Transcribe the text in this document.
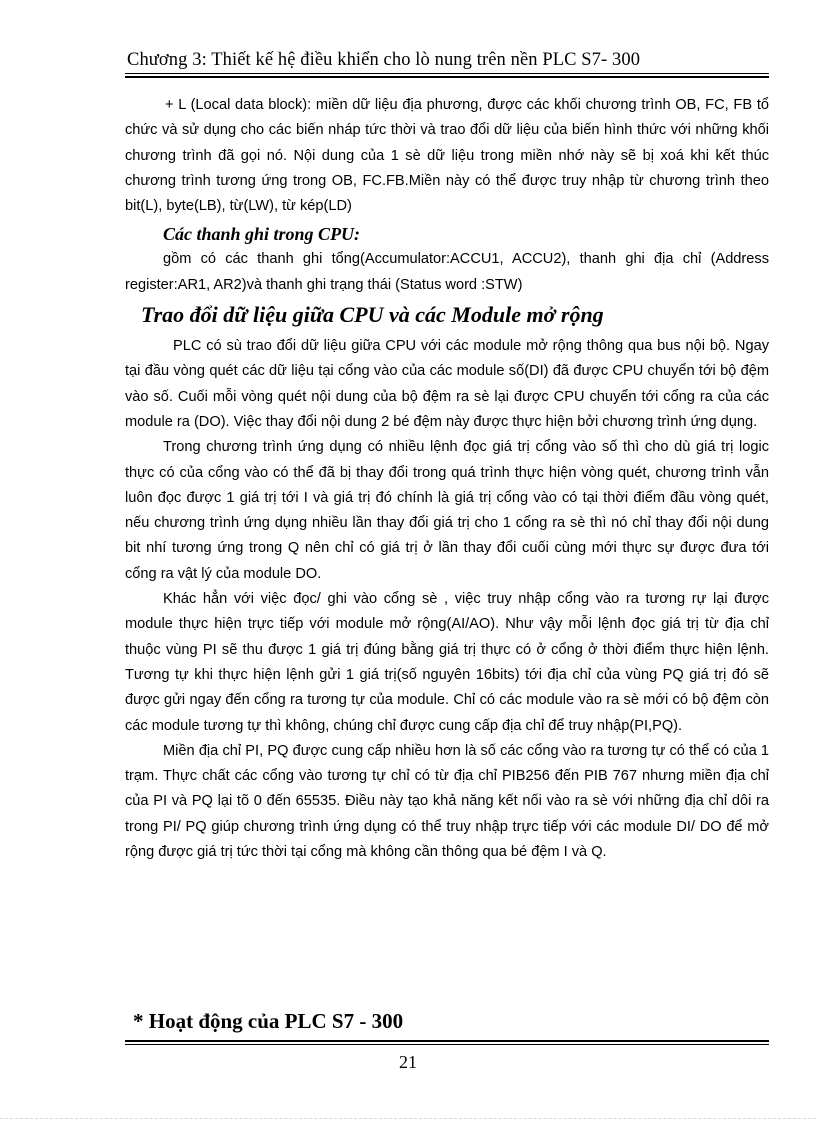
Chương 3: Thiết kế hệ điều khiển cho lò nung trên nền PLC S7- 300

+ L (Local data block): miền dữ liệu địa phương, được các khối chương trình OB, FC, FB tổ chức và sử dụng cho các biến nháp tức thời và trao đổi dữ liệu của biến hình thức với những khối chương trình đã gọi nó. Nội dung của 1 sè dữ liệu trong miền nhớ này sẽ bị xoá khi kết thúc chương trình tương ứng trong OB, FC.FB.Miền này có thể được truy nhập từ chương trình theo bit(L), byte(LB), từ(LW), từ kép(LD)

Các thanh ghi trong CPU:

gồm có các thanh ghi tổng(Accumulator:ACCU1, ACCU2), thanh ghi địa chỉ (Address register:AR1, AR2)và thanh ghi trạng thái (Status word :STW)

Trao đổi dữ liệu giữa CPU và các Module mở rộng

PLC có sù trao đổi dữ liệu giữa CPU với các module mở rộng thông qua bus nội bộ. Ngay tại đầu vòng quét các dữ liệu tại cổng vào của các module số(DI) đã được CPU chuyển tới bộ đệm vào số. Cuối mỗi vòng quét nội dung của bộ đệm ra sè lại được CPU chuyển tới cổng ra của các module ra (DO). Việc thay đổi nội dung 2 bé đệm này được thực hiện bởi chương trình ứng dụng.

Trong chương trình ứng dụng có nhiều lệnh đọc giá trị cổng vào số thì cho dù giá trị logic thực có của cổng vào có thể đã bị thay đổi trong quá trình thực hiện vòng quét, chương trình vẫn luôn đọc được 1 giá trị tới I và giá trị đó chính là giá trị cổng vào có tại thời điểm đầu vòng quét, nếu chương trình ứng dụng nhiều lần thay đổi giá trị cho 1 cổng ra sè thì nó chỉ thay đổi nội dung bit nhí tương ứng trong Q nên chỉ có giá trị ở lần thay đổi cuối cùng mới thực sự được đưa tới cổng ra vật lý của module DO.

Khác hẳn với việc đọc/ ghi vào cổng sè , việc truy nhập cổng vào ra tương rự lại được module thực hiện trực tiếp với module mở rộng(AI/AO). Như vậy mỗi lệnh đọc giá trị từ địa chỉ thuộc vùng PI sẽ thu được 1 giá trị đúng bằng giá trị thực có ở cổng ở thời điểm thực hiện lệnh. Tương tự khi thực hiện lệnh gửi 1 giá trị(số nguyên 16bits) tới địa chỉ của vùng PQ giá trị đó sẽ được gửi ngay đến cổng ra tương tự của module. Chỉ có các module vào ra sè mới có bộ đệm còn các module tương tự thì không, chúng chỉ được cung cấp địa chỉ để truy nhập(PI,PQ).

Miền địa chỉ PI, PQ được cung cấp nhiều hơn là số các cổng vào ra tương tự có thể có của 1 trạm. Thực chất các cổng vào tương tự chỉ có từ địa chỉ PIB256 đến PIB 767 nhưng miền địa chỉ của PI và PQ lại tõ 0 đến 65535. Điều này tạo khả năng kết nối vào ra sè với những địa chỉ dôi ra trong PI/ PQ giúp chương trình ứng dụng có thể truy nhập trực tiếp với các module DI/ DO để mở rộng được giá trị tức thời tại cổng mà không cần thông qua bé đệm I và Q.

* Hoạt động của PLC S7 - 300
21
